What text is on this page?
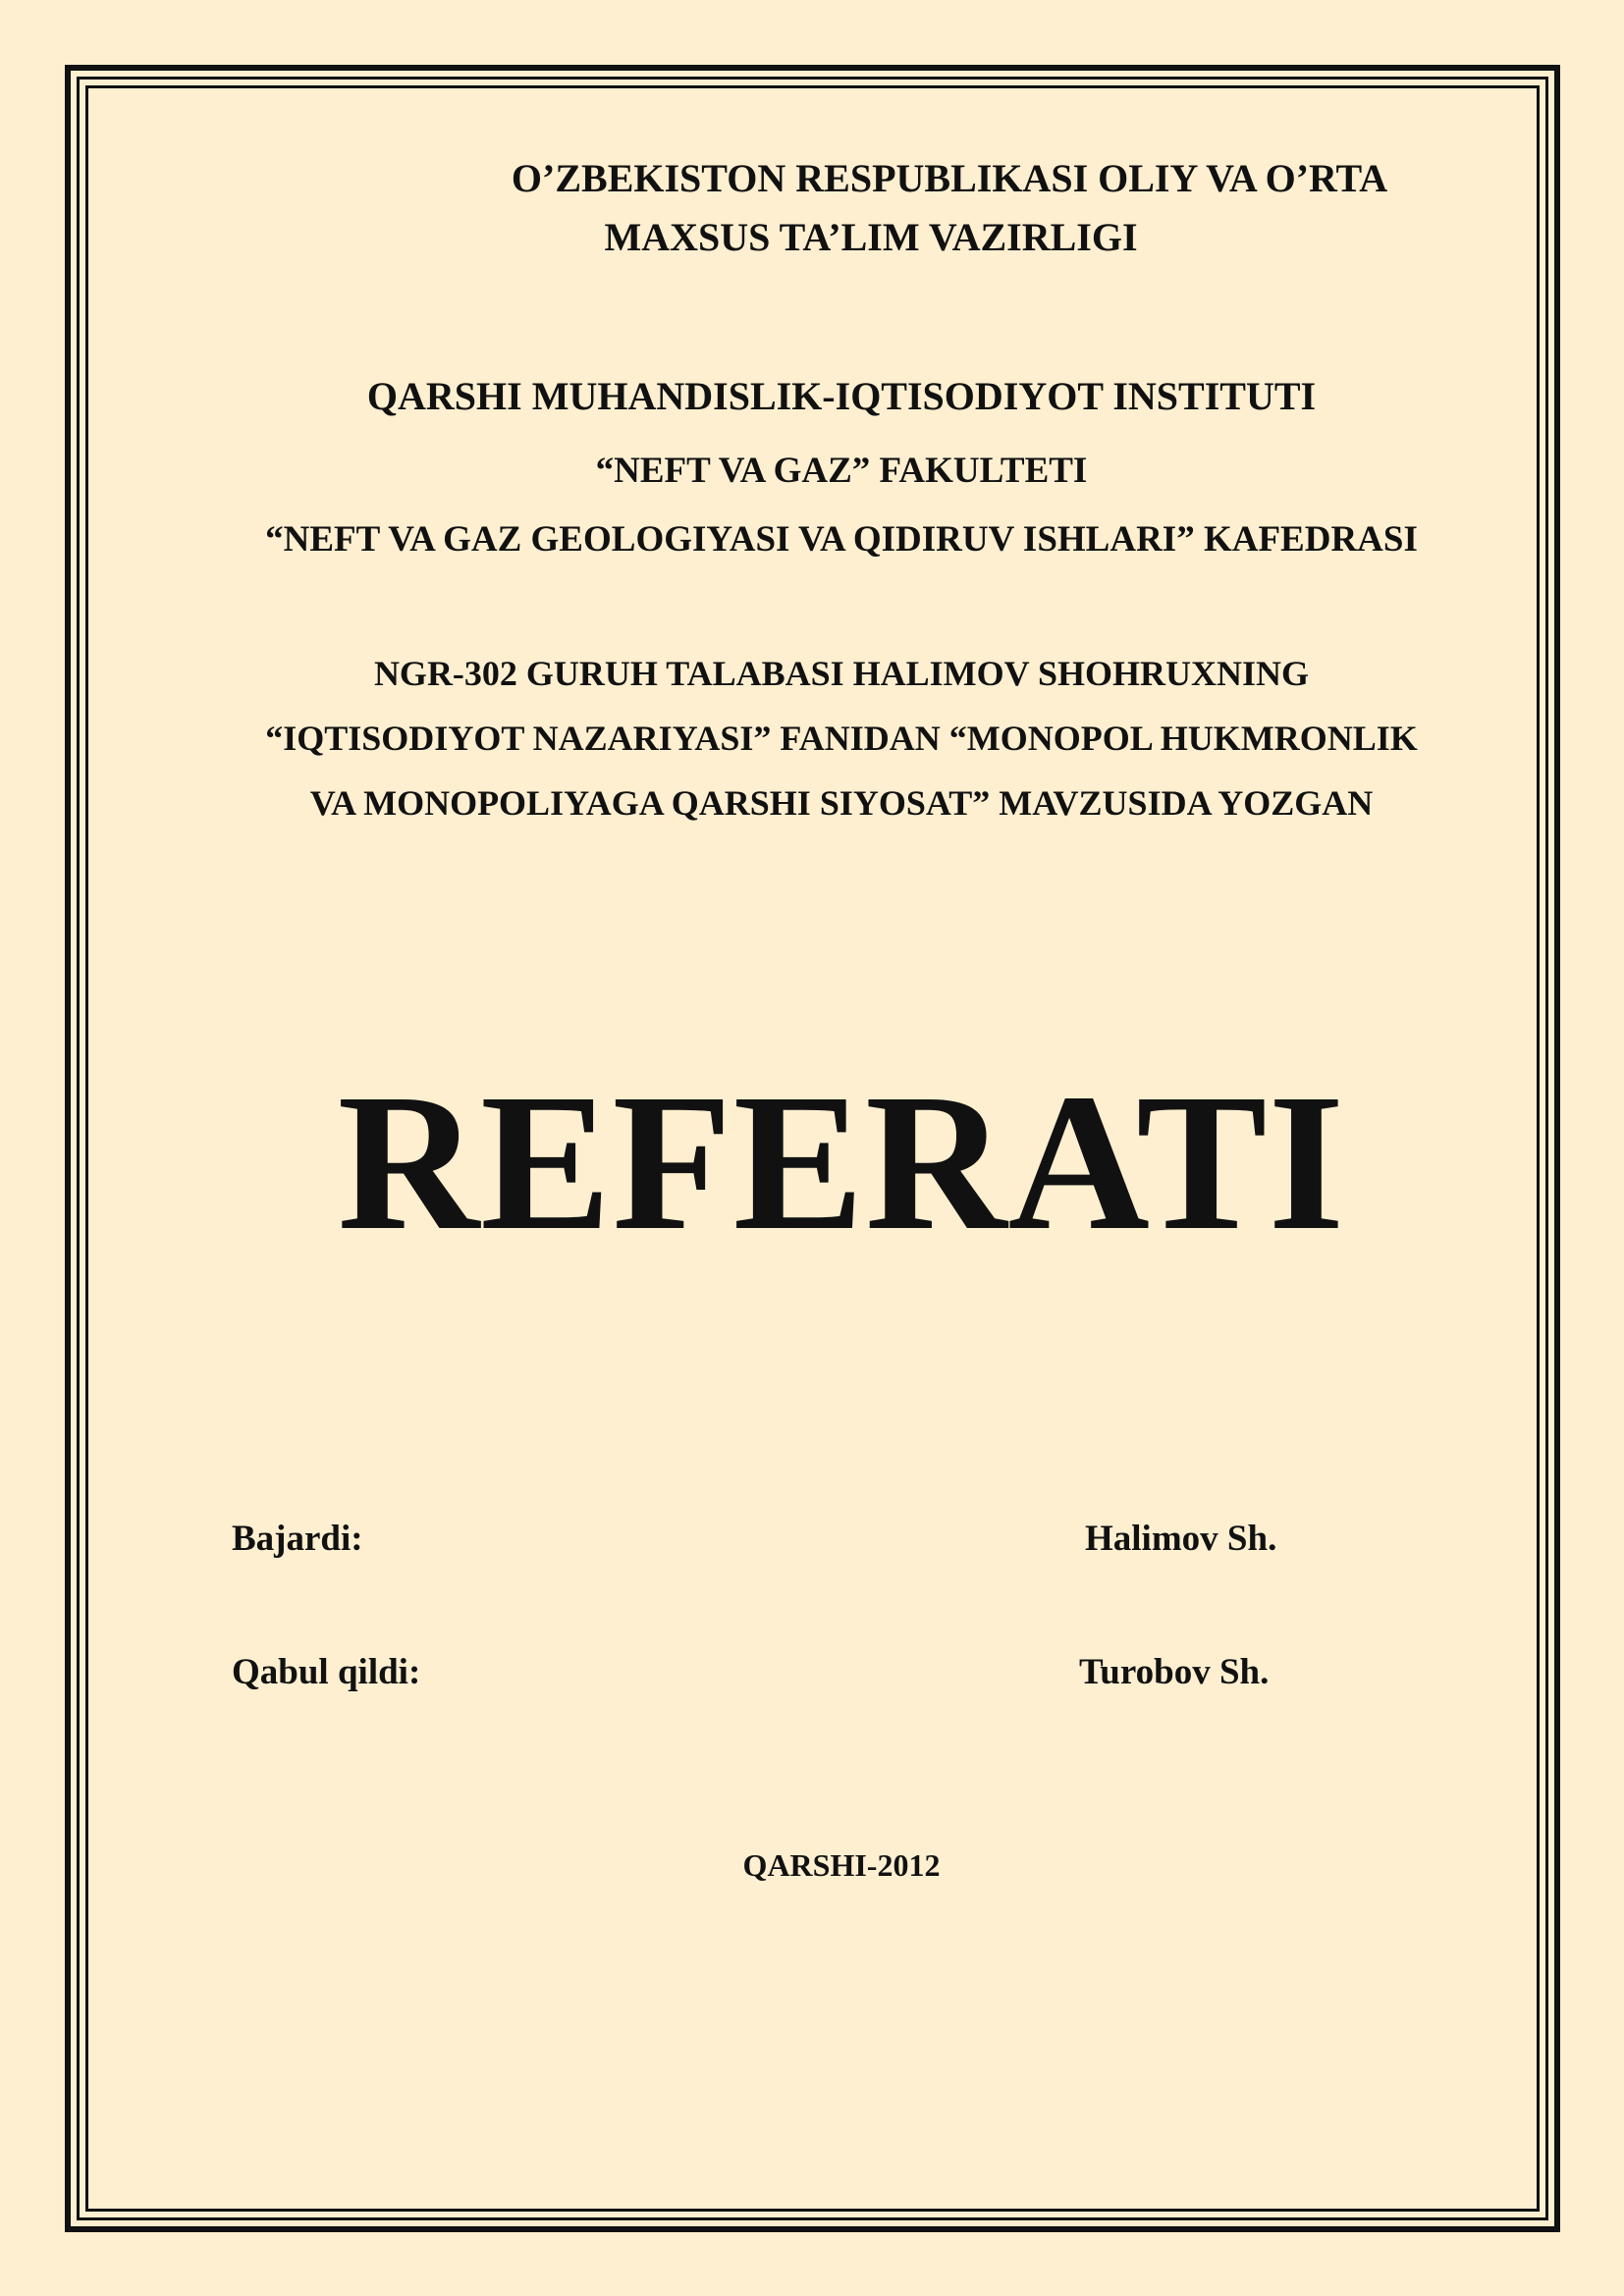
O’ZBEKISTON RESPUBLIKASI OLIY VA O’RTA
MAXSUS TA’LIM VAZIRLIGI
QARSHI MUHANDISLIK-IQTISODIYOT INSTITUTI
“NEFT VA GAZ” FAKULTETI
“NEFT VA GAZ GEOLOGIYASI VA QIDIRUV ISHLARI” KAFEDRASI
NGR-302 GURUH TALABASI HALIMOV SHOHRUXNING
“IQTISODIYOT NAZARIYASI” FANIDAN “MONOPOL HUKMRONLIK
VA MONOPOLIYAGA QARSHI SIYOSAT” MAVZUSIDA YOZGAN
REFERATI
Bajardi:	Halimov Sh.
Qabul qildi:	Turobov Sh.
QARSHI-2012
